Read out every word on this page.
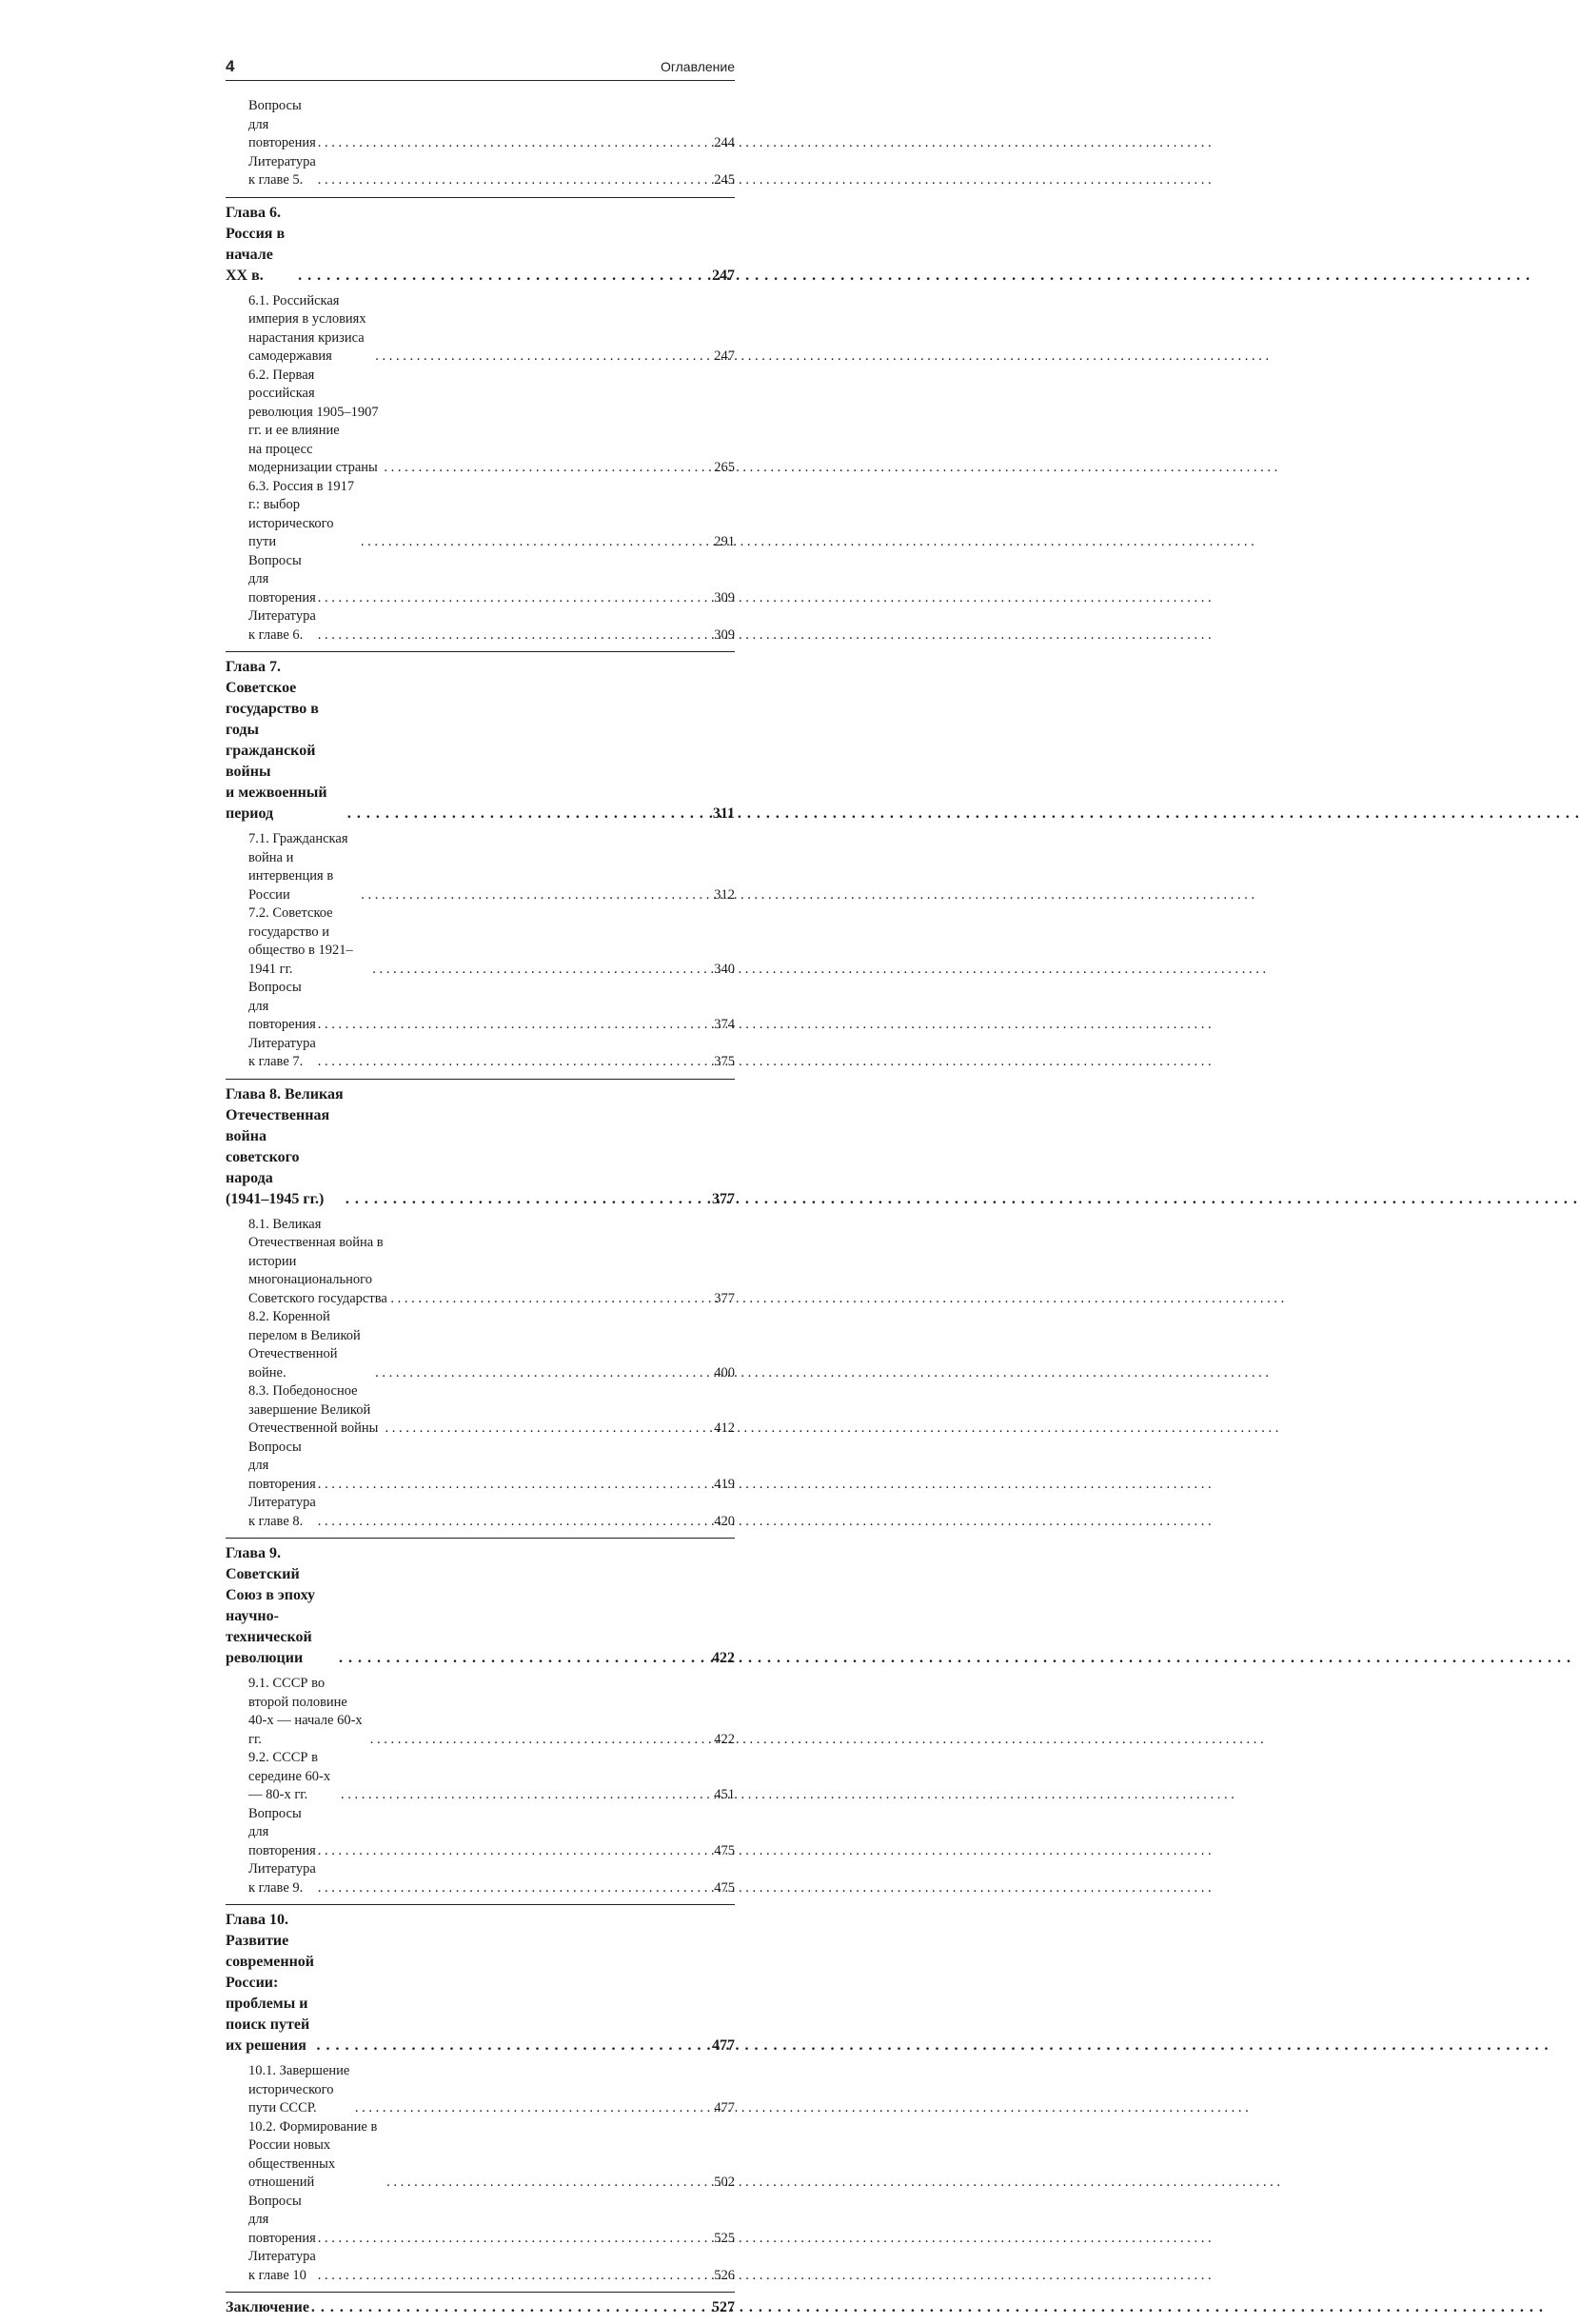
4	Оглавление
Вопросы для повторения . . .	244
Литература к главе 5. . . .	245
Глава 6. Россия в начале XX в. . . .	247
6.1. Российская империя в условиях нарастания кризиса
самодержавия . . .	247
6.2. Первая российская революция 1905–1907 гг. и ее влияние
на процесс модернизации страны . . .	265
6.3. Россия в 1917 г.: выбор исторического пути . . .	291
Вопросы для повторения . . .	309
Литература к главе 6. . . .	309
Глава 7. Советское государство в годы гражданской войны
и межвоенный период . . .	311
7.1. Гражданская война и интервенция в России . . .	312
7.2. Советское государство и общество в 1921–1941 гг. . . .	340
Вопросы для повторения . . .	374
Литература к главе 7. . . .	375
Глава 8. Великая Отечественная война советского народа
(1941–1945 гг.) . . .	377
8.1. Великая Отечественная война в истории многонационального
Советского государства . . .	377
8.2. Коренной перелом в Великой Отечественной войне. . . .	400
8.3. Победоносное завершение Великой Отечественной войны . . .	412
Вопросы для повторения . . .	419
Литература к главе 8. . . .	420
Глава 9. Советский Союз в эпоху научно-технической
революции . . .	422
9.1. СССР во второй половине 40-х — начале 60-х гг. . . .	422
9.2. СССР в середине 60-х — 80-х гг. . . .	451
Вопросы для повторения . . .	475
Литература к главе 9. . . .	475
Глава 10. Развитие современной России:
проблемы и поиск путей их решения . . .	477
10.1. Завершение исторического пути СССР. . . .	477
10.2. Формирование в России новых общественных отношений . . .	502
Вопросы для повторения . . .	525
Литература к главе 10 . . .	526
Заключение . . .	527
